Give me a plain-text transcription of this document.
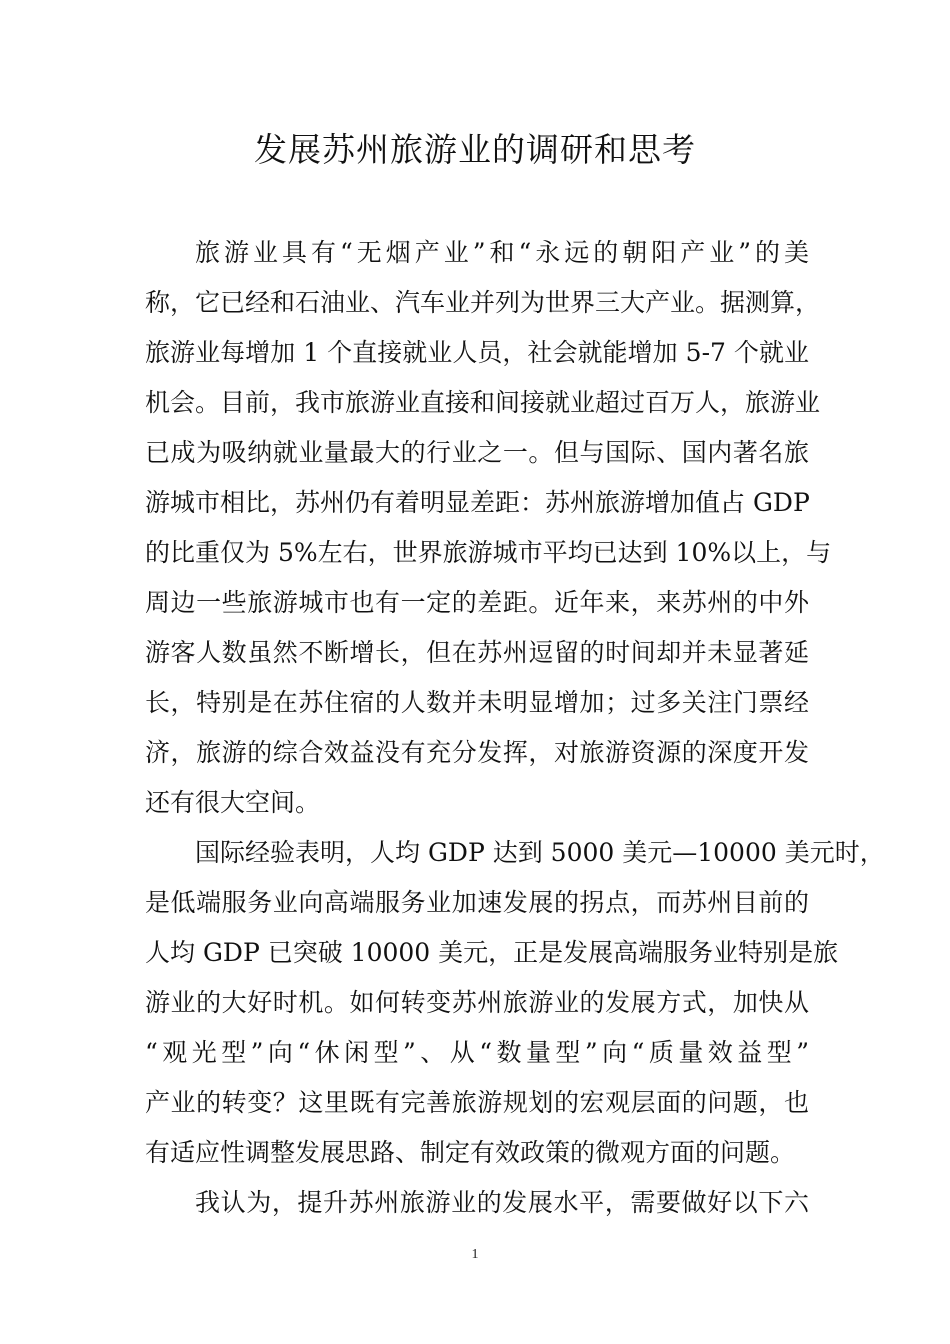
发展苏州旅游业的调研和思考
旅游业具有“无烟产业”和“永远的朝阳产业”的美
称，它已经和石油业、汽车业并列为世界三大产业。据测算，
旅游业每增加 1 个直接就业人员，社会就能增加 5-7 个就业
机会。目前，我市旅游业直接和间接就业超过百万人，旅游业
已成为吸纳就业量最大的行业之一。但与国际、国内著名旅
游城市相比，苏州仍有着明显差距：苏州旅游增加值占 GDP
的比重仅为 5%左右，世界旅游城市平均已达到 10%以上，与
周边一些旅游城市也有一定的差距。近年来，来苏州的中外
游客人数虽然不断增长，但在苏州逗留的时间却并未显著延
长，特别是在苏住宿的人数并未明显增加；过多关注门票经
济，旅游的综合效益没有充分发挥，对旅游资源的深度开发
还有很大空间。
国际经验表明，人均 GDP 达到 5000 美元—10000 美元时，
是低端服务业向高端服务业加速发展的拐点，而苏州目前的
人均 GDP 已突破 10000 美元，正是发展高端服务业特别是旅
游业的大好时机。如何转变苏州旅游业的发展方式，加快从
“观光型”向“休闲型”、从“数量型”向“质量效益型”
产业的转变？这里既有完善旅游规划的宏观层面的问题，也
有适应性调整发展思路、制定有效政策的微观方面的问题。
我认为，提升苏州旅游业的发展水平，需要做好以下六
1
